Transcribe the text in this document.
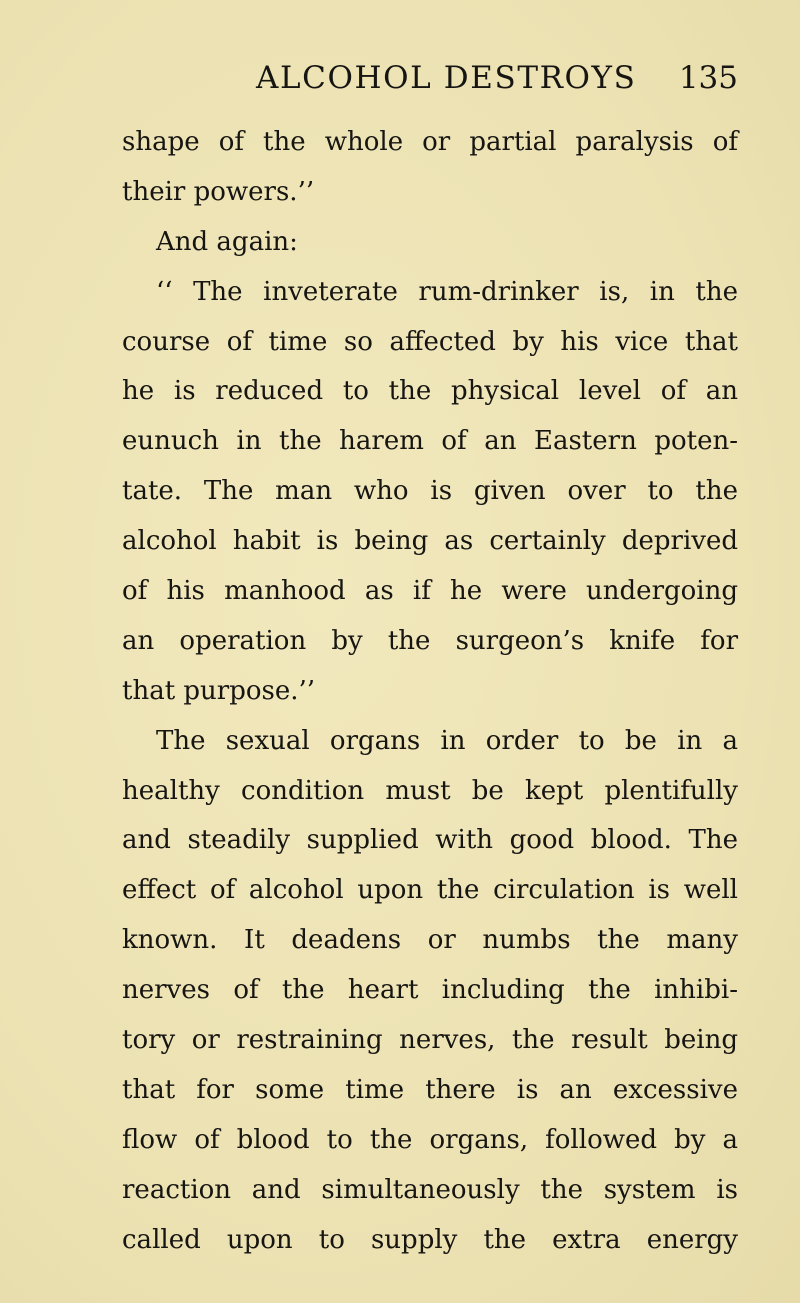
ALCOHOL DESTROYS 135
shape of the whole or partial paralysis of
their powers.’’
And again:
‘‘ The inveterate rum-drinker is, in the
course of time so affected by his vice that
he is reduced to the physical level of an
eunuch in the harem of an Eastern poten-
tate. The man who is given over to the
alcohol habit is being as certainly deprived
of his manhood as if he were undergoing
an operation by the surgeon’s knife for
that purpose.’’
The sexual organs in order to be in a
healthy condition must be kept plentifully
and steadily supplied with good blood. The
effect of alcohol upon the circulation is well
known. It deadens or numbs the many
nerves of the heart including the inhibi-
tory or restraining nerves, the result being
that for some time there is an excessive
flow of blood to the organs, followed by a
reaction and simultaneously the system is
called upon to supply the extra energy
